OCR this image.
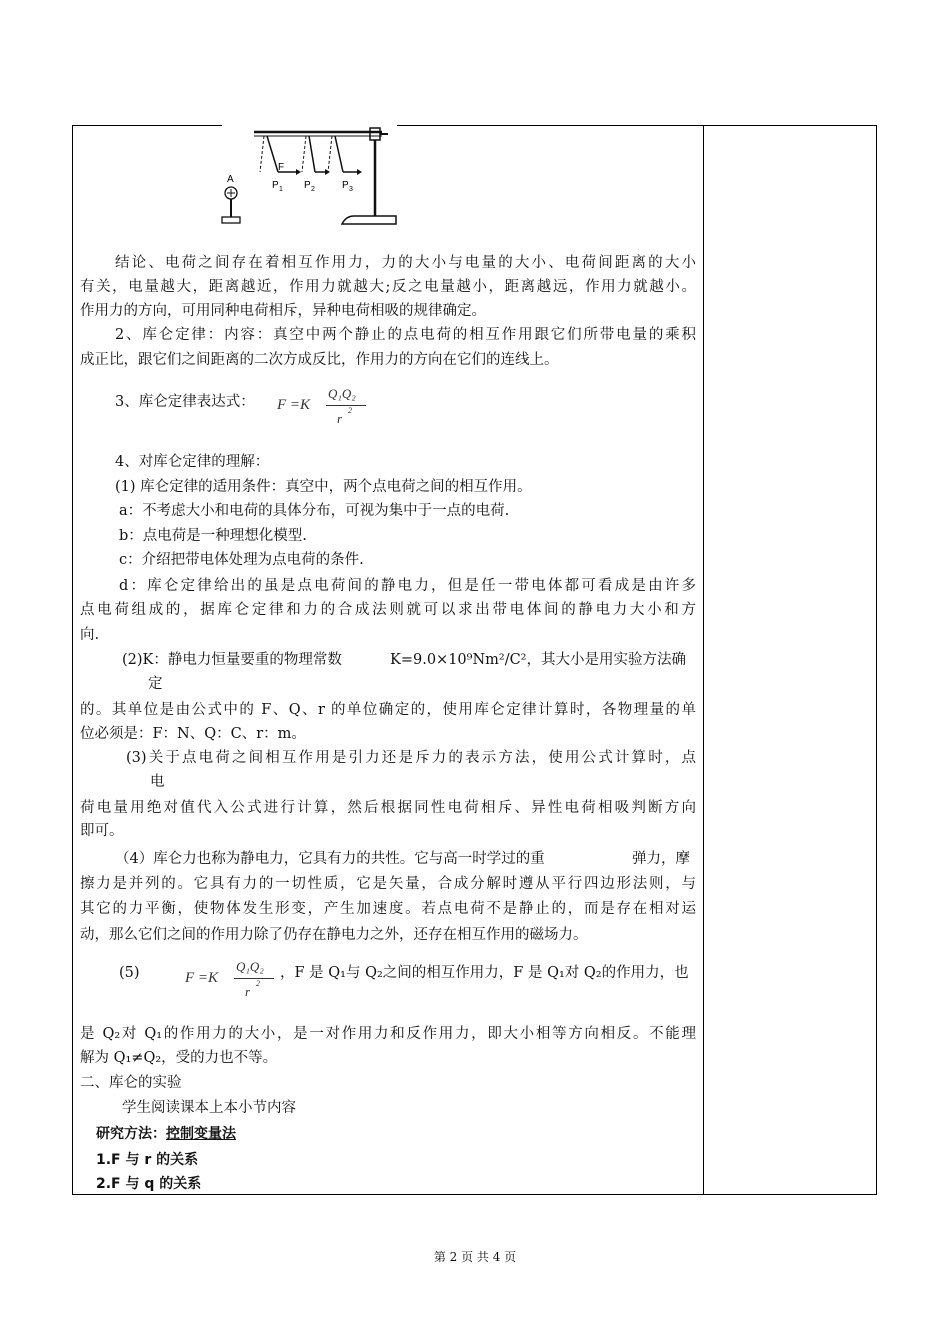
F
P 1 P 2	P 3
A
结论、电荷之间存在着相互作用力，力的大小与电量的大小、电荷间距离的大小
有关，电量越大，距离越近，作用力就越大;反之电量越小，距离越远，作用力就越小。
作用力的方向，可用同种电荷相斥，异种电荷相吸的规律确定。
2、库仑定律：内容：真空中两个静止的点电荷的相互作用跟它们所带电量的乘积
成正比，跟它们之间距离的二次方成反比，作用力的方向在它们的连线上。
3、库仑定律表达式： F =K
Q₁Q₂
r
2
4、对库仑定律的理解：
(1) 库仑定律的适用条件：真空中，两个点电荷之间的相互作用。
a：不考虑大小和电荷的具体分布，可视为集中于一点的电荷.
b：点电荷是一种理想化模型.
c：介绍把带电体处理为点电荷的条件.
d：库仑定律给出的虽是点电荷间的静电力，但是任一带电体都可看成是由许多
点电荷组成的，据库仑定律和力的合成法则就可以求出带电体间的静电力大小和方
向.
(2)K：静电力恒量要重的物理常数	K=9.0×10⁹Nm²/C²，其大小是用实验方法确
定
的。其单位是由公式中的 F、Q、r 的单位确定的，使用库仑定律计算时，各物理量的单
位必须是：F：N、Q：C、r：m。
(3)关于点电荷之间相互作用是引力还是斥力的表示方法，使用公式计算时，点
电
荷电量用绝对值代入公式进行计算，然后根据同性电荷相斥、异性电荷相吸判断方向
即可。
（4）库仑力也称为静电力，它具有力的共性。它与高一时学过的重	弹力，摩
擦力是并列的。它具有力的一切性质，它是矢量，合成分解时遵从平行四边形法则，与
其它的力平衡，使物体发生形变，产生加速度。若点电荷不是静止的，而是存在相对运
动，那么它们之间的作用力除了仍存在静电力之外，还存在相互作用的磁场力。
(5)	F =K
Q₁Q₂
r
2
，F 是 Q₁与 Q₂之间的相互作用力，F 是 Q₁对 Q₂的作用力，也
是 Q₂对 Q₁的作用力的大小，是一对作用力和反作用力，即大小相等方向相反。不能理
解为 Q₁≠Q₂，受的力也不等。
二、库仑的实验
学生阅读课本上本小节内容
研究方法：控制变量法
1.F 与 r 的关系
2.F 与 q 的关系
第 2 页 共 4 页
